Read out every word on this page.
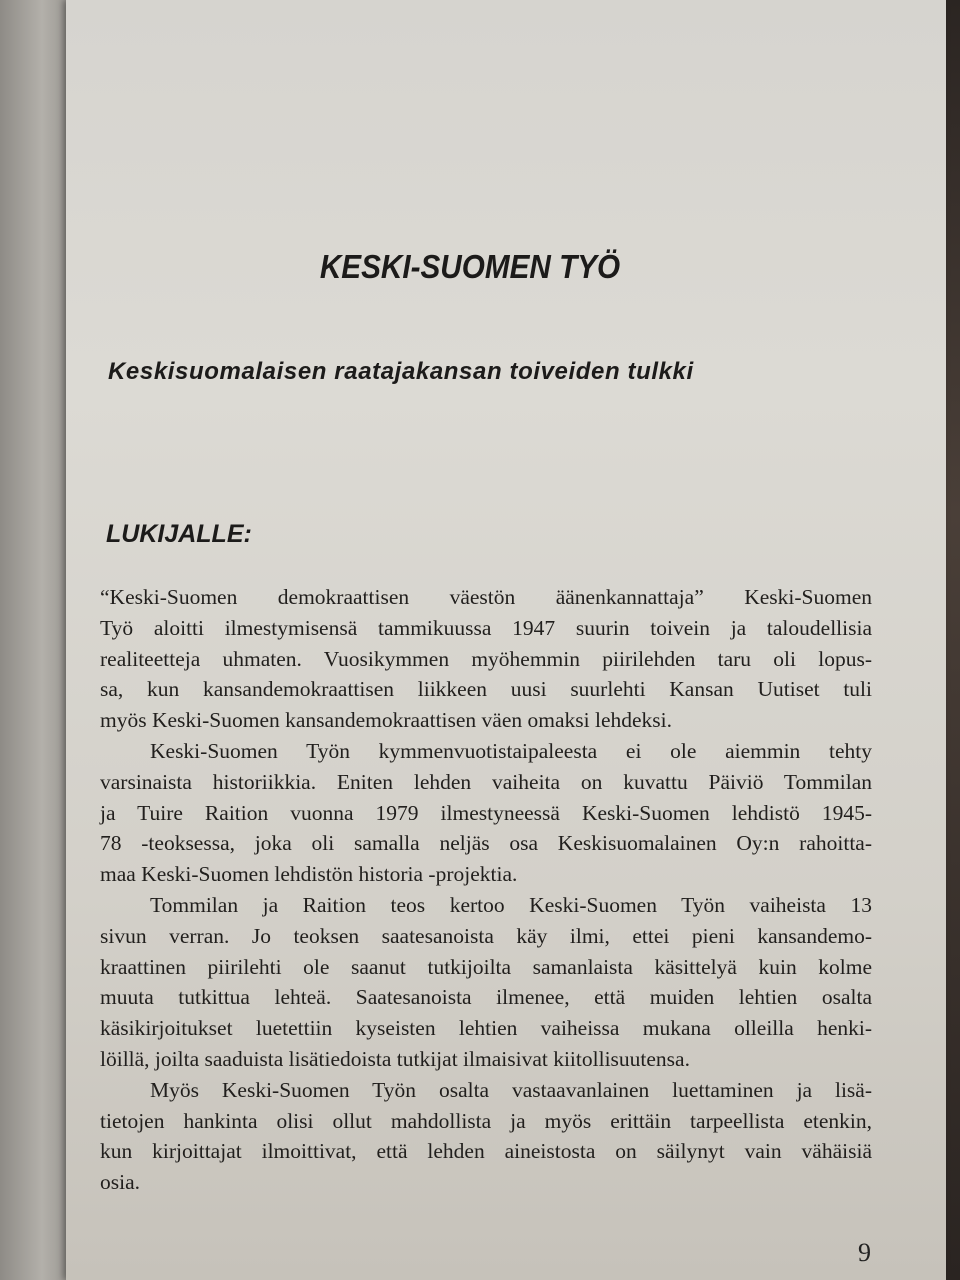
KESKI-SUOMEN TYÖ
Keskisuomalaisen raatajakansan toiveiden tulkki
LUKIJALLE:
“Keski-Suomen demokraattisen väestön äänenkannattaja” Keski-Suomen
Työ aloitti ilmestymisensä tammikuussa 1947 suurin toivein ja taloudellisia
realiteetteja uhmaten. Vuosikymmen myöhemmin piirilehden taru oli lopus-
sa, kun kansandemokraattisen liikkeen uusi suurlehti Kansan Uutiset tuli
myös Keski-Suomen kansandemokraattisen väen omaksi lehdeksi.
Keski-Suomen Työn kymmenvuotistaipaleesta ei ole aiemmin tehty
varsinaista historiikkia. Eniten lehden vaiheita on kuvattu Päiviö Tommilan
ja Tuire Raition vuonna 1979 ilmestyneessä Keski-Suomen lehdistö 1945-
78 -teoksessa, joka oli samalla neljäs osa Keskisuomalainen Oy:n rahoitta-
maa Keski-Suomen lehdistön historia -projektia.
Tommilan ja Raition teos kertoo Keski-Suomen Työn vaiheista 13
sivun verran. Jo teoksen saatesanoista käy ilmi, ettei pieni kansandemo-
kraattinen piirilehti ole saanut tutkijoilta samanlaista käsittelyä kuin kolme
muuta tutkittua lehteä. Saatesanoista ilmenee, että muiden lehtien osalta
käsikirjoitukset luetettiin kyseisten lehtien vaiheissa mukana olleilla henki-
löillä, joilta saaduista lisätiedoista tutkijat ilmaisivat kiitollisuutensa.
Myös Keski-Suomen Työn osalta vastaavanlainen luettaminen ja lisä-
tietojen hankinta olisi ollut mahdollista ja myös erittäin tarpeellista etenkin,
kun kirjoittajat ilmoittivat, että lehden aineistosta on säilynyt vain vähäisiä
osia.
9
